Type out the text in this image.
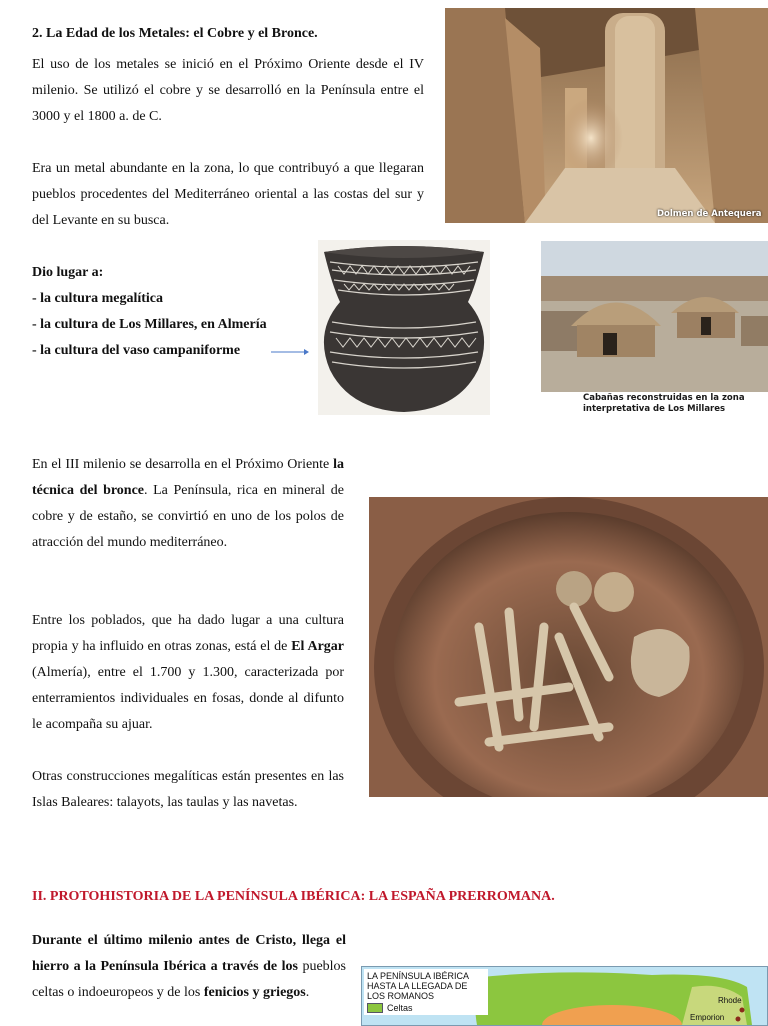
2. La Edad de los Metales: el Cobre y el Bronce.

El uso de los metales se inició en el Próximo Oriente desde el IV milenio. Se utilizó el cobre y se desarrolló en la Península entre el 3000 y el 1800 a. de C.

Era un metal abundante en la zona, lo que contribuyó a que llegaran pueblos procedentes del Mediterráneo oriental a las costas del sur y del Levante en su busca.

Dio lugar a:
- la cultura megalítica
- la cultura de Los Millares, en Almería
- la cultura del vaso campaniforme
Dolmen de Antequera
Cabañas reconstruidas en la zona
interpretativa de Los Millares

En el III milenio se desarrolla en el Próximo Oriente la técnica del bronce. La Península, rica en mineral de cobre y de estaño, se convirtió en uno de los polos de atracción del mundo mediterráneo.

Entre los poblados, que ha dado lugar a una cultura propia y ha influido en otras zonas, está el de El Argar (Almería), entre el 1.700 y 1.300, caracterizada por enterramientos individuales en fosas, donde al difunto le acompaña su ajuar.

Otras construcciones megalíticas están presentes en las Islas Baleares: talayots, las taulas y las navetas.

II. PROTOHISTORIA DE LA PENÍNSULA IBÉRICA: LA ESPAÑA PRERROMANA.

Durante el último milenio antes de Cristo, llega el hierro a la Península Ibérica a través de los pueblos celtas o indoeuropeos y de los fenicios y griegos.

LA PENÍNSULA IBÉRICA
HASTA LA LLEGADA DE
LOS ROMANOS
Celtas
Rhode
Emporion
